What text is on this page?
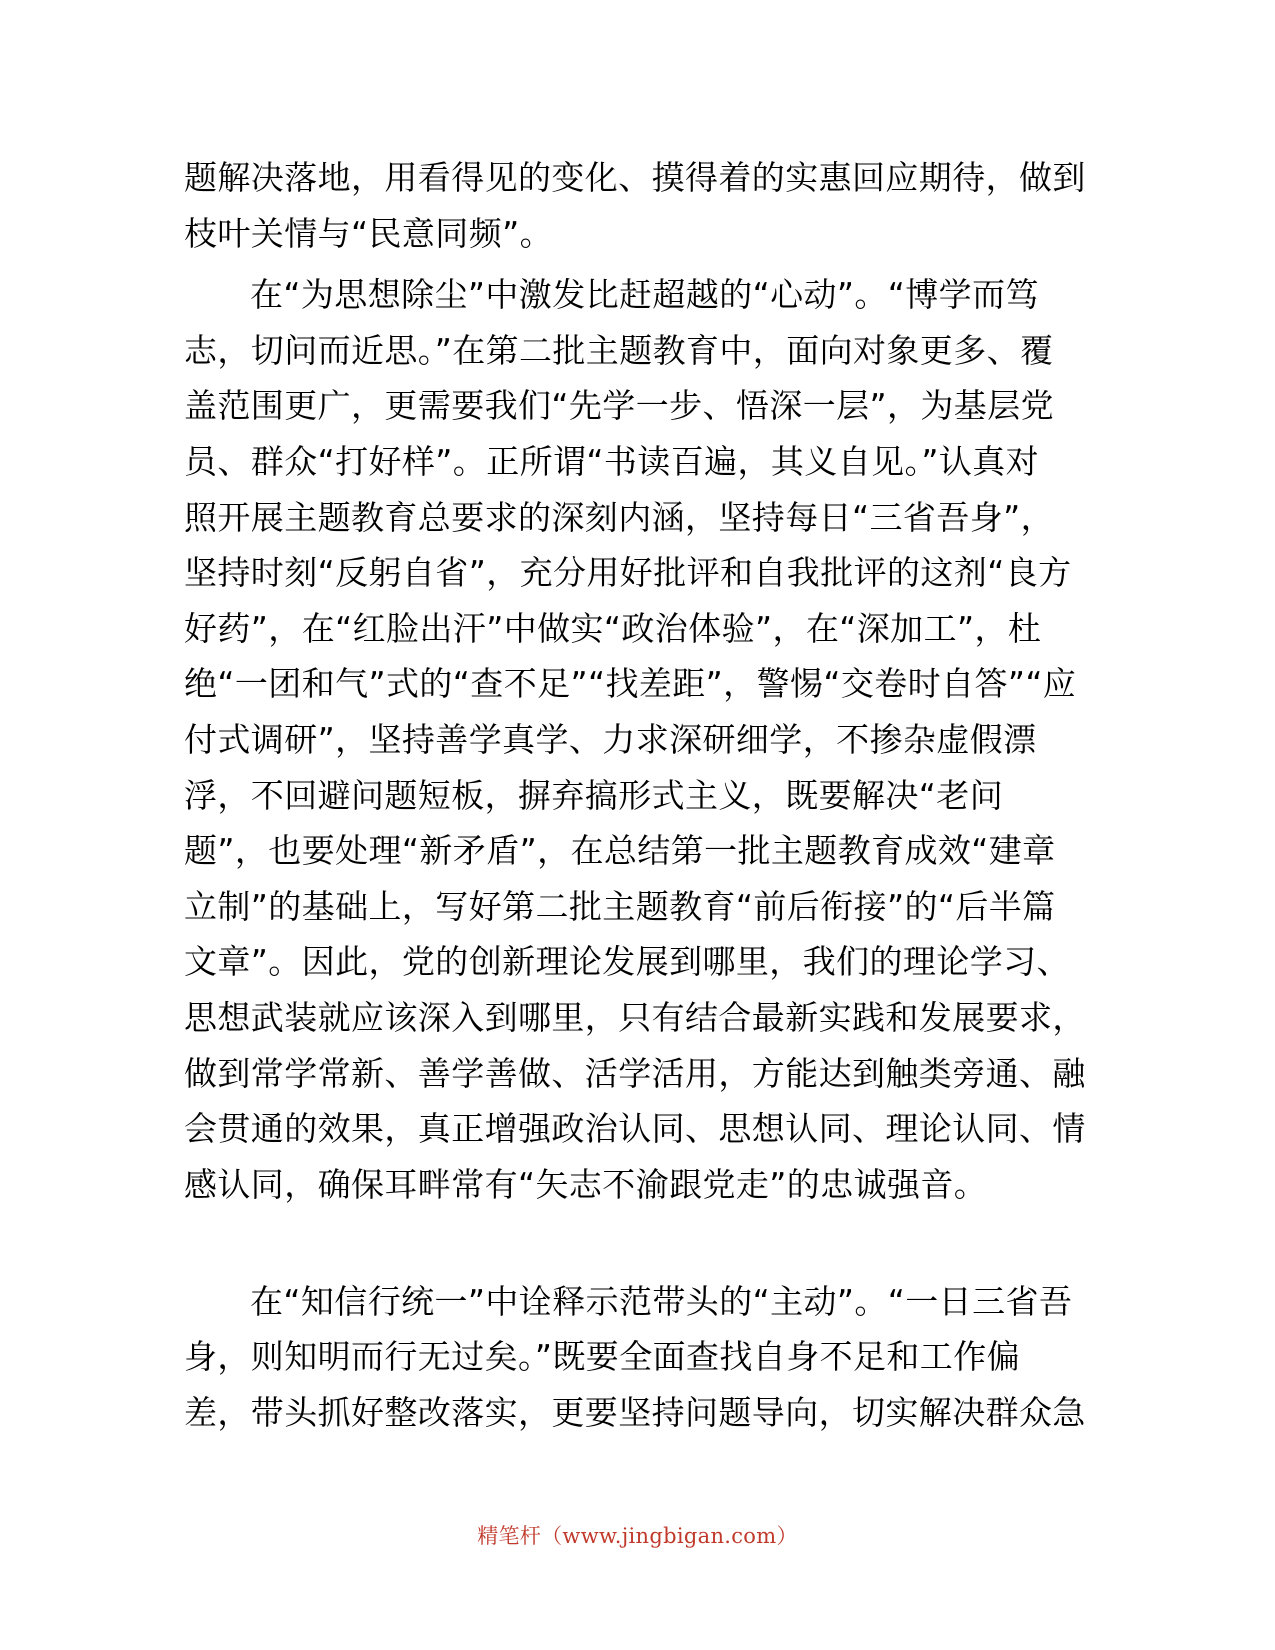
题解决落地，用看得见的变化、摸得着的实惠回应期待，做到
枝叶关情与“民意同频”。
在“为思想除尘”中激发比赶超越的“心动”。“博学而笃
志，切问而近思。”在第二批主题教育中，面向对象更多、覆
盖范围更广，更需要我们“先学一步、悟深一层”，为基层党
员、群众“打好样”。正所谓“书读百遍，其义自见。”认真对
照开展主题教育总要求的深刻内涵，坚持每日“三省吾身”，
坚持时刻“反躬自省”，充分用好批评和自我批评的这剂“良方
好药”，在“红脸出汗”中做实“政治体验”，在“深加工”，杜
绝“一团和气”式的“查不足”“找差距”，警惕“交卷时自答”“应
付式调研”，坚持善学真学、力求深研细学，不掺杂虚假漂
浮，不回避问题短板，摒弃搞形式主义，既要解决“老问
题”，也要处理“新矛盾”，在总结第一批主题教育成效“建章
立制”的基础上，写好第二批主题教育“前后衔接”的“后半篇
文章”。因此，党的创新理论发展到哪里，我们的理论学习、
思想武装就应该深入到哪里，只有结合最新实践和发展要求，
做到常学常新、善学善做、活学活用，方能达到触类旁通、融
会贯通的效果，真正增强政治认同、思想认同、理论认同、情
感认同，确保耳畔常有“矢志不渝跟党走”的忠诚强音。
在“知信行统一”中诠释示范带头的“主动”。“一日三省吾
身，则知明而行无过矣。”既要全面查找自身不足和工作偏
差，带头抓好整改落实，更要坚持问题导向，切实解决群众急
精笔杆（www.jingbigan.com）
